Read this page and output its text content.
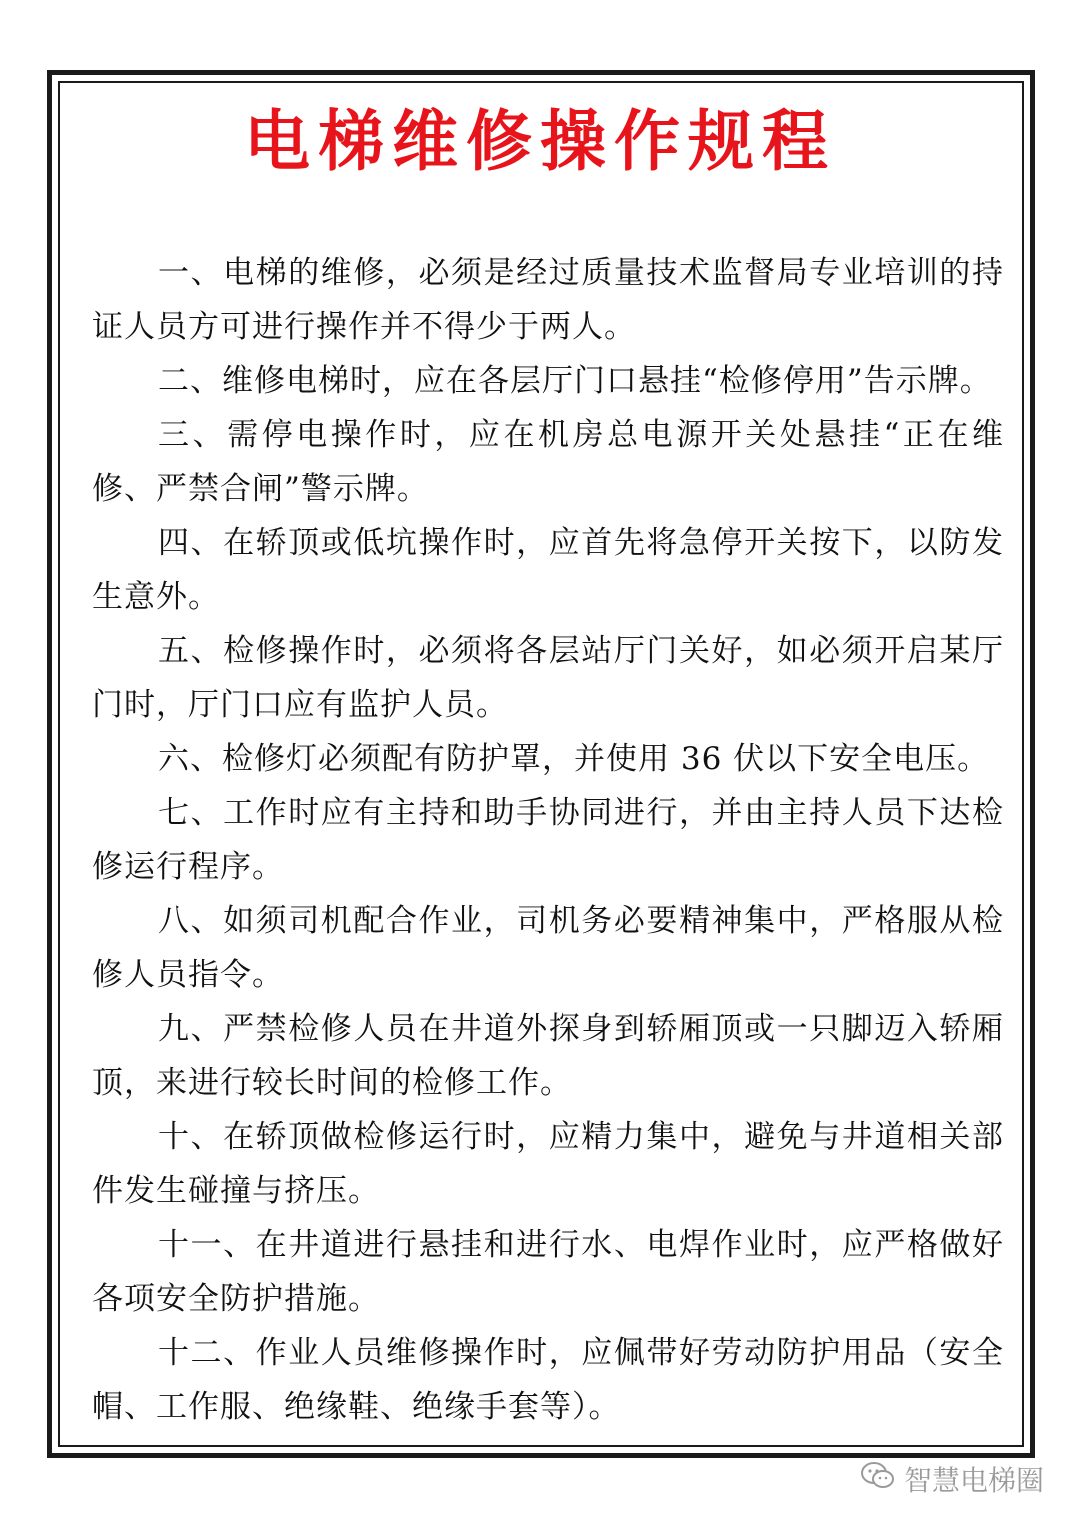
电梯维修操作规程

一、电梯的维修，必须是经过质量技术监督局专业培训的持证人员方可进行操作并不得少于两人。

二、维修电梯时，应在各层厅门口悬挂“检修停用”告示牌。

三、需停电操作时，应在机房总电源开关处悬挂“正在维修、严禁合闸”警示牌。

四、在轿顶或低坑操作时，应首先将急停开关按下，以防发生意外。

五、检修操作时，必须将各层站厅门关好，如必须开启某厅门时，厅门口应有监护人员。

六、检修灯必须配有防护罩，并使用 36 伏以下安全电压。

七、工作时应有主持和助手协同进行，并由主持人员下达检修运行程序。

八、如须司机配合作业，司机务必要精神集中，严格服从检修人员指令。

九、严禁检修人员在井道外探身到轿厢顶或一只脚迈入轿厢顶，来进行较长时间的检修工作。

十、在轿顶做检修运行时，应精力集中，避免与井道相关部件发生碰撞与挤压。

十一、在井道进行悬挂和进行水、电焊作业时，应严格做好各项安全防护措施。

十二、作业人员维修操作时，应佩带好劳动防护用品（安全帽、工作服、绝缘鞋、绝缘手套等）。

智慧电梯圈
